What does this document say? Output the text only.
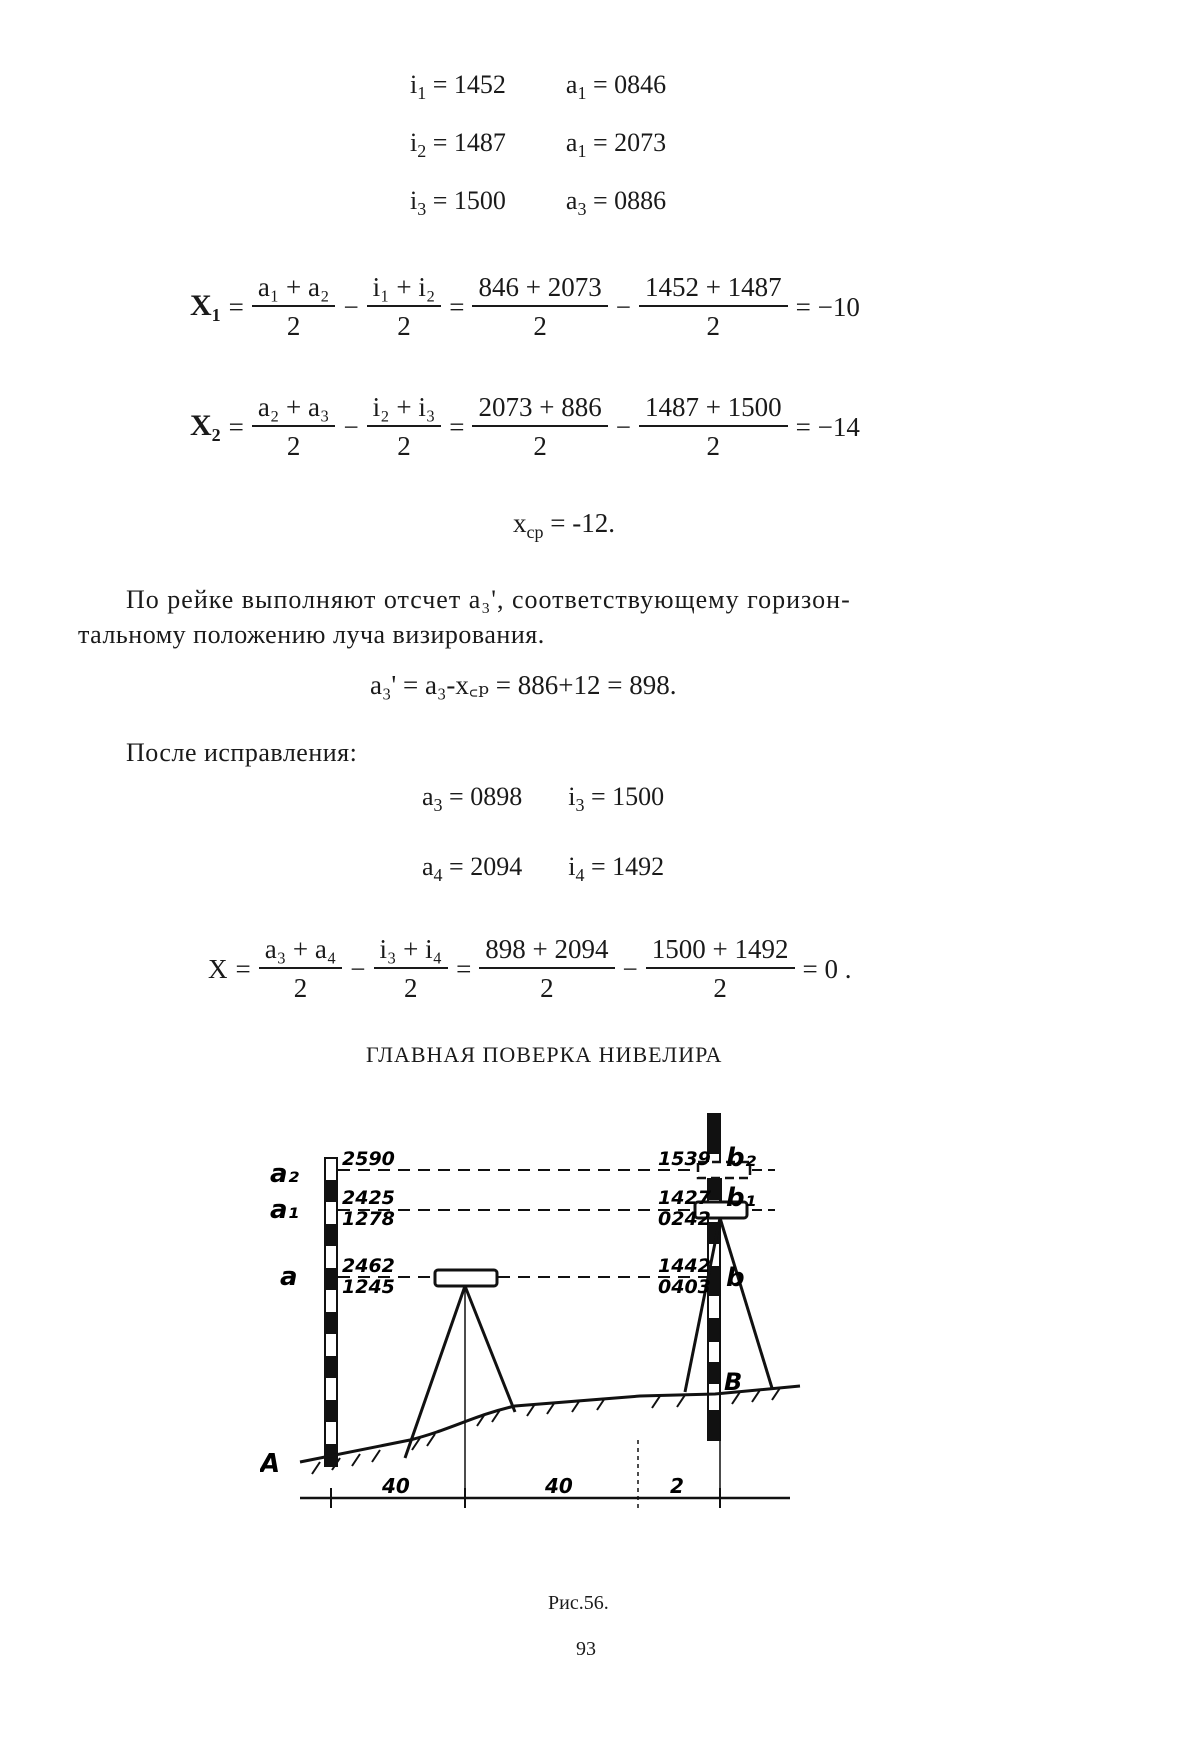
$i_1 = 1452$ $a_1 = 0846$
$i_2 = 1487$ $a_1 = 2073$
$i_3 = 1500$ $a_3 = 0886$
$X_1 = \frac{\text{a₁ + a₂}}{2} - \frac{\text{i₁ + i₂}}{2} = \frac{846 + 2073}{2} - \frac{1452 + 1487}{2} = -10$
$X_2 = \frac{\text{a₂ + a₃}}{2} - \frac{\text{i₂ + i₃}}{2} = \frac{2073 + 886}{2} - \frac{1487 + 1500}{2} = -14$
$x_{ср} = -12$.
По рейке выполняют отсчет a₃', соответствующему горизон-
тальному положению луча визирования.
a₃' = a₃-x꜀ₚ = 886+12 = 898.
После исправления:
$a_3 = 0898$ $i_3 = 1500$
$a_4 = 2094$ $i_4 = 1492$
$X = \frac{\text{a₃ + a₄}}{2} - \frac{\text{i₃ + i₄}}{2} = \frac{898 + 2094}{2} - \frac{1500 + 1492}{2} = 0$ .
ГЛАВНАЯ ПОВЕРКА НИВЕЛИРА
a₂
a₁
a
A
2590
2425
1278
2462
1245
1539
1427
0242
1442
0403
b₂
b₁
b
B
40	40	2
Рис.56.
93
